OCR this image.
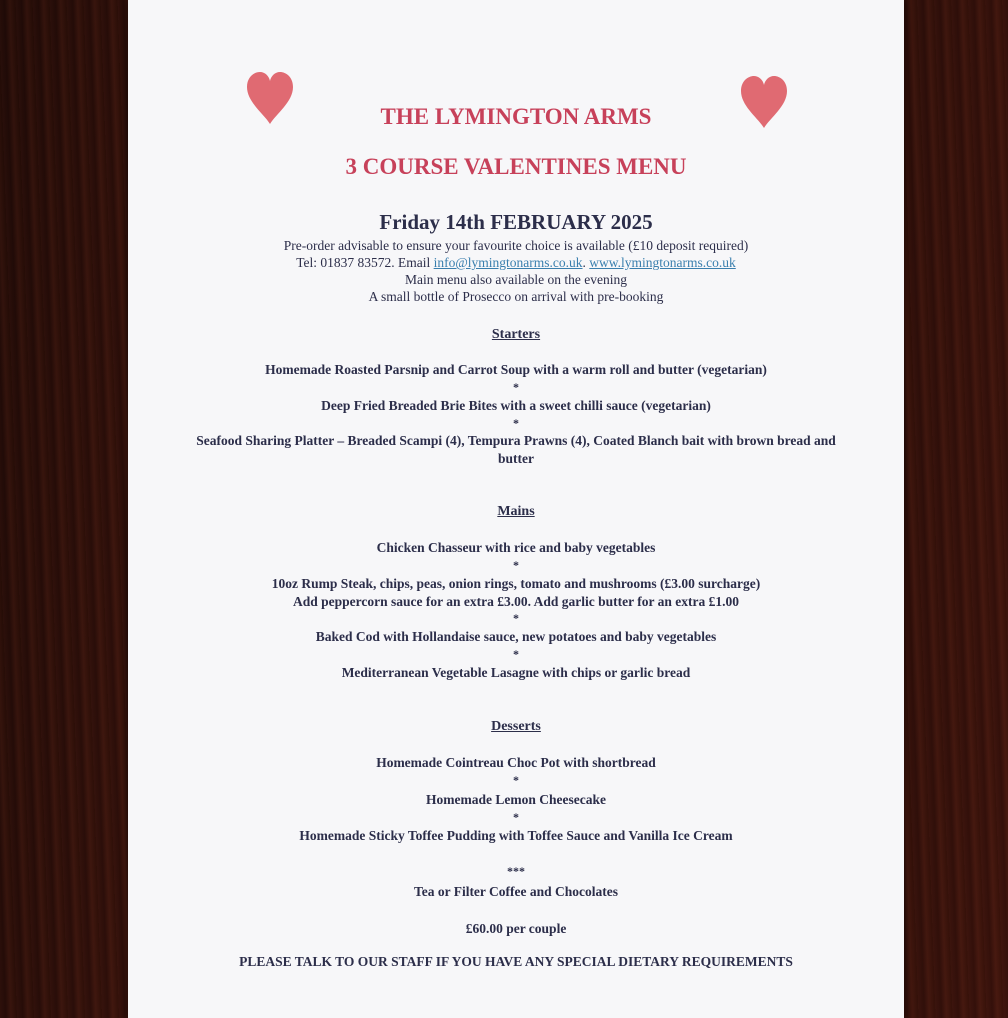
THE LYMINGTON ARMS
3 COURSE VALENTINES MENU
Friday 14th FEBRUARY 2025
Pre-order advisable to ensure your favourite choice is available (£10 deposit required)
Tel: 01837 83572. Email info@lymingtonarms.co.uk. www.lymingtonarms.co.uk
Main menu also available on the evening
A small bottle of Prosecco on arrival with pre-booking
Starters
Homemade Roasted Parsnip and Carrot Soup with a warm roll and butter (vegetarian)
*
Deep Fried Breaded Brie Bites with a sweet chilli sauce (vegetarian)
*
Seafood Sharing Platter – Breaded Scampi (4), Tempura Prawns (4), Coated Blanch bait with brown bread and butter
Mains
Chicken Chasseur with rice and baby vegetables
*
10oz Rump Steak, chips, peas, onion rings, tomato and mushrooms (£3.00 surcharge)
Add peppercorn sauce for an extra £3.00. Add garlic butter for an extra £1.00
*
Baked Cod with Hollandaise sauce, new potatoes and baby vegetables
*
Mediterranean Vegetable Lasagne with chips or garlic bread
Desserts
Homemade Cointreau Choc Pot with shortbread
*
Homemade Lemon Cheesecake
*
Homemade Sticky Toffee Pudding with Toffee Sauce and Vanilla Ice Cream
***
Tea or Filter Coffee and Chocolates
£60.00 per couple
PLEASE TALK TO OUR STAFF IF YOU HAVE ANY SPECIAL DIETARY REQUIREMENTS
